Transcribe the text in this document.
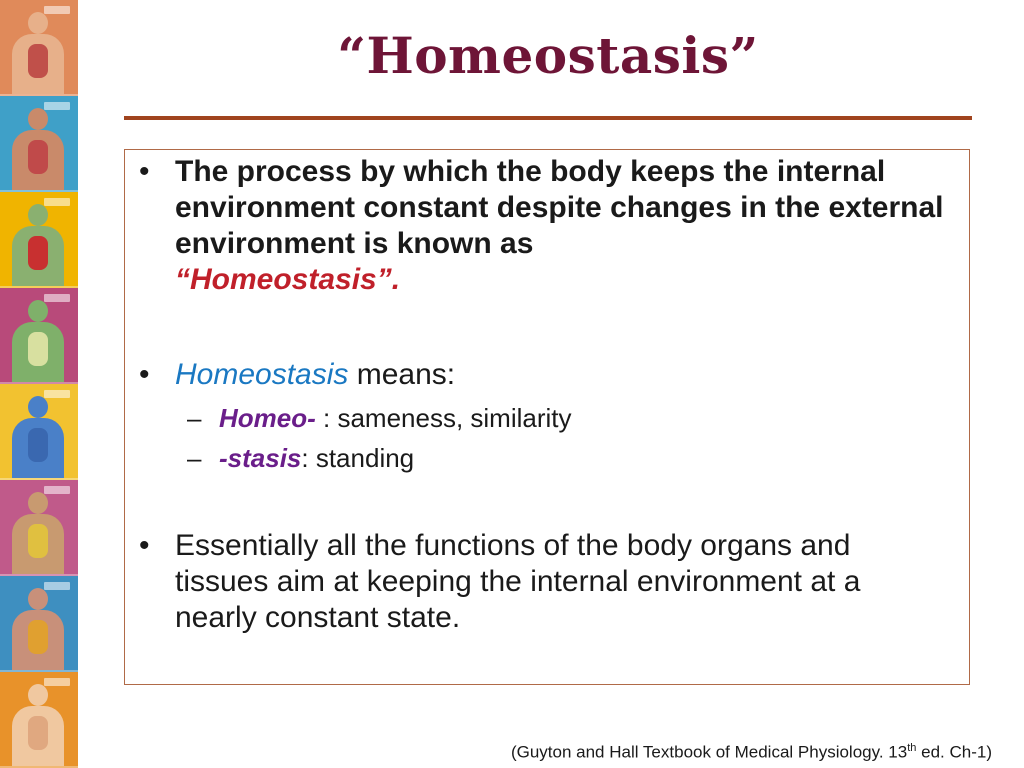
“Homeostasis”
• The process by which the body keeps the internal environment constant despite changes in the external environment is known as
“Homeostasis”.
• Homeostasis means:
– Homeo- : sameness, similarity
– -stasis: standing
• Essentially all the functions of the body organs and tissues aim at keeping the internal environment at a nearly constant state.
(Guyton and Hall Textbook of Medical Physiology. 13th ed. Ch-1)
